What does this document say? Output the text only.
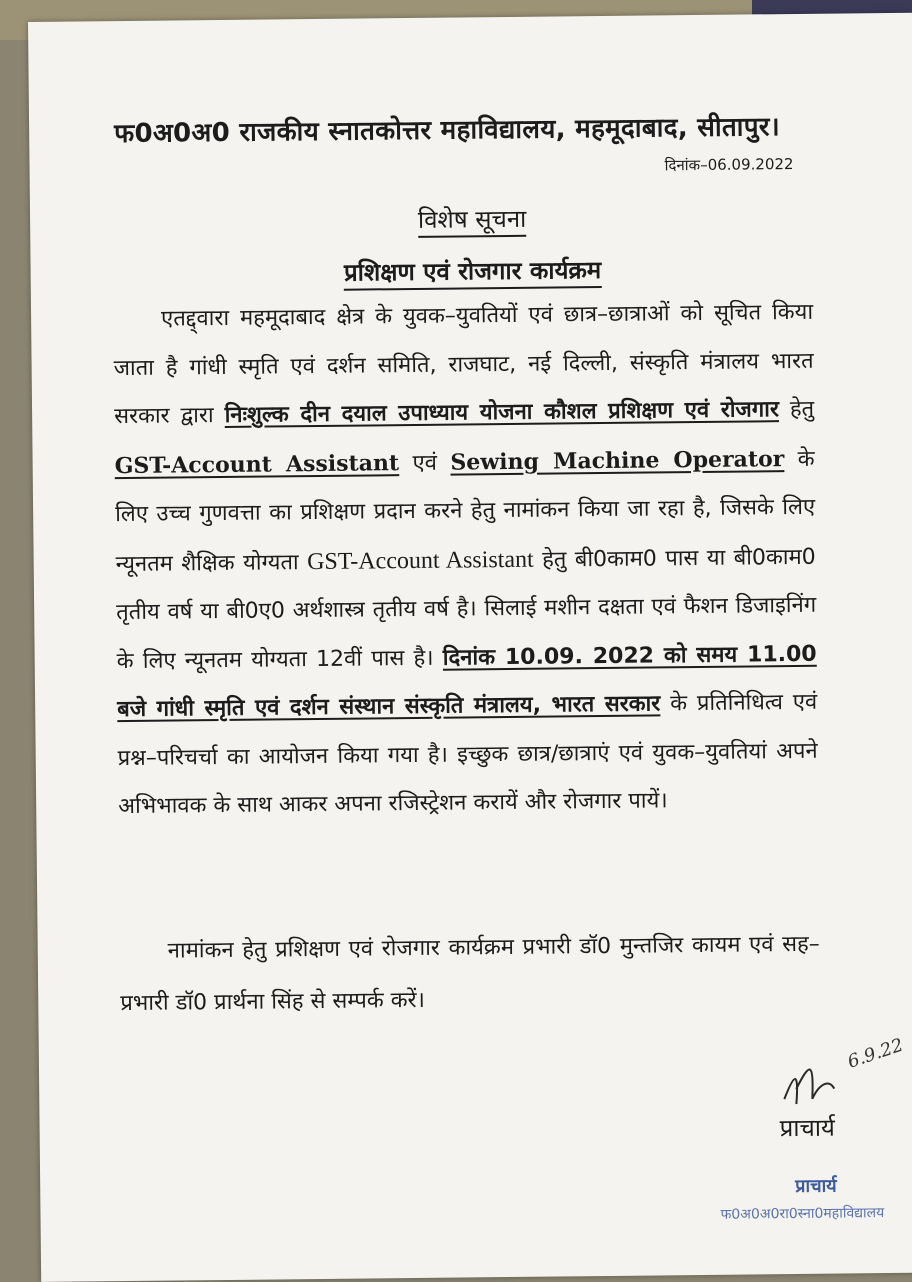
फ0अ0अ0 राजकीय स्नातकोत्तर महाविद्यालय, महमूदाबाद, सीतापुर।
दिनांक–06.09.2022
विशेष सूचना
प्रशिक्षण एवं रोजगार कार्यक्रम
एतद्द्वारा महमूदाबाद क्षेत्र के युवक–युवतियों एवं छात्र–छात्राओं को सूचित किया जाता है गांधी स्मृति एवं दर्शन समिति, राजघाट, नई दिल्ली, संस्कृति मंत्रालय भारत सरकार द्वारा निःशुल्क दीन दयाल उपाध्याय योजना कौशल प्रशिक्षण एवं रोजगार हेतु GST-Account Assistant एवं Sewing Machine Operator के लिए उच्च गुणवत्ता का प्रशिक्षण प्रदान करने हेतु नामांकन किया जा रहा है, जिसके लिए न्यूनतम शैक्षिक योग्यता GST-Account Assistant हेतु बी0काम0 पास या बी0काम0 तृतीय वर्ष या बी0ए0 अर्थशास्त्र तृतीय वर्ष है। सिलाई मशीन दक्षता एवं फैशन डिजाइनिंग के लिए न्यूनतम योग्यता 12वीं पास है। दिनांक 10.09. 2022 को समय 11.00 बजे गांधी स्मृति एवं दर्शन संस्थान संस्कृति मंत्रालय, भारत सरकार के प्रतिनिधित्व एवं प्रश्न–परिचर्चा का आयोजन किया गया है। इच्छुक छात्र/छात्राएं एवं युवक–युवतियां अपने अभिभावक के साथ आकर अपना रजिस्ट्रेशन करायें और रोजगार पायें।
नामांकन हेतु प्रशिक्षण एवं रोजगार कार्यक्रम प्रभारी डॉ0 मुन्तजिर कायम एवं सह–प्रभारी डॉ0 प्रार्थना सिंह से सम्पर्क करें।
6.9.22
प्राचार्य
प्राचार्य
फ0अ0अ0रा0स्ना0महाविद्यालय
